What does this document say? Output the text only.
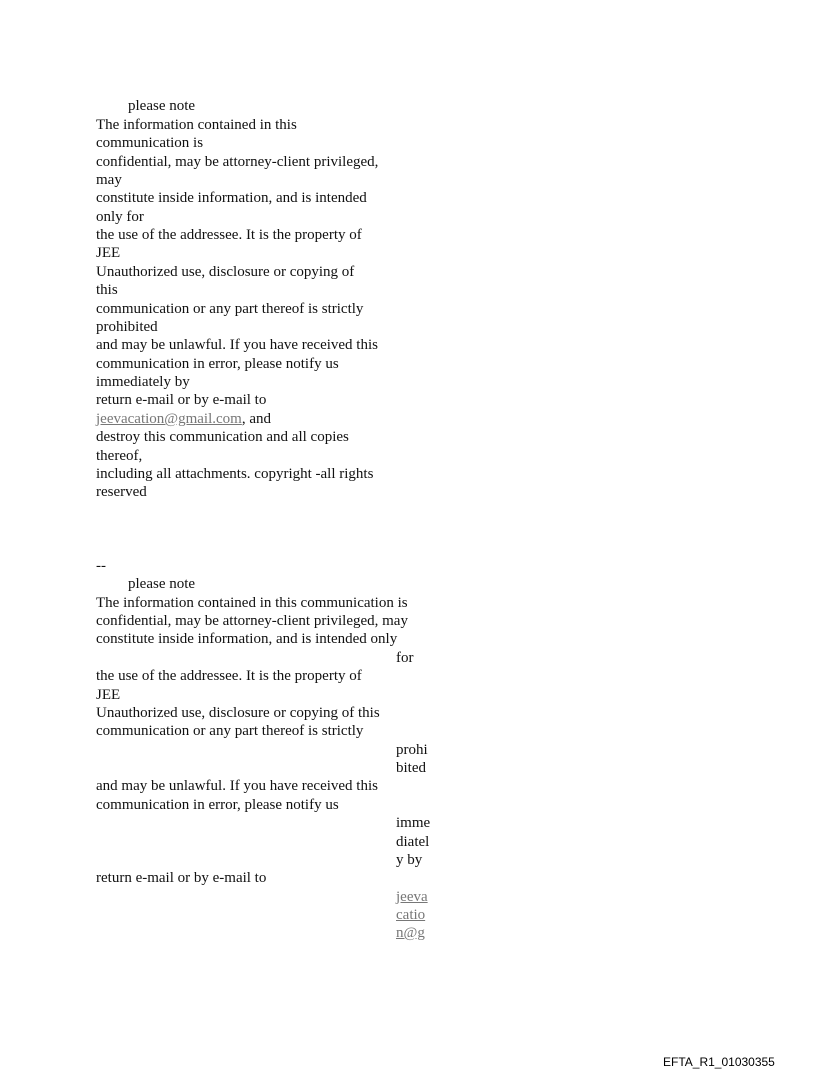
please note
The information contained in this
communication is
confidential, may be attorney-client privileged,
may
constitute inside information, and is intended
only for
the use of the addressee. It is the property of
JEE
Unauthorized use, disclosure or copying of
this
communication or any part thereof is strictly
prohibited
and may be unlawful. If you have received this
communication in error, please notify us
immediately by
return e-mail or by e-mail to
jeevacation@gmail.com, and
destroy this communication and all copies
thereof,
including all attachments. copyright -all rights
reserved
--
please note
The information contained in this communication is
confidential, may be attorney-client privileged, may
constitute inside information, and is intended only
for
the use of the addressee. It is the property of
JEE
Unauthorized use, disclosure or copying of this
communication or any part thereof is strictly
prohi
bited
and may be unlawful. If you have received this
communication in error, please notify us
imme
diatel
y by
return e-mail or by e-mail to
jeeva
catio
n@g
EFTA_R1_01030355
